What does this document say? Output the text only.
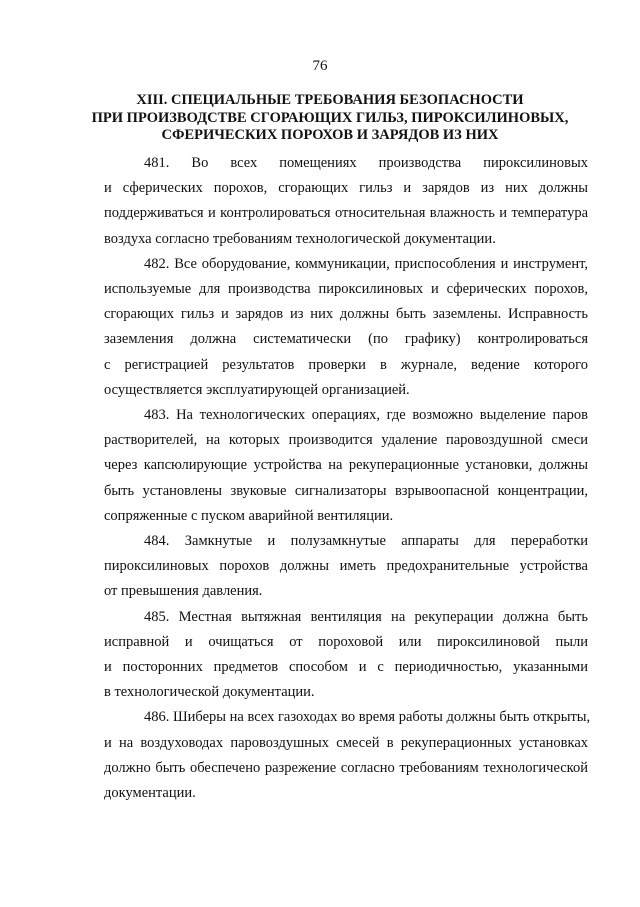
76
XIII. СПЕЦИАЛЬНЫЕ ТРЕБОВАНИЯ БЕЗОПАСНОСТИ
ПРИ ПРОИЗВОДСТВЕ СГОРАЮЩИХ ГИЛЬЗ, ПИРОКСИЛИНОВЫХ,
СФЕРИЧЕСКИХ ПОРОХОВ И ЗАРЯДОВ ИЗ НИХ
481. Во всех помещениях производства пироксилиновых
и сферических порохов, сгорающих гильз и зарядов из них должны
поддерживаться и контролироваться относительная влажность и температура
воздуха согласно требованиям технологической документации.
482. Все оборудование, коммуникации, приспособления и инструмент,
используемые для производства пироксилиновых и сферических порохов,
сгорающих гильз и зарядов из них должны быть заземлены. Исправность
заземления должна систематически (по графику) контролироваться
с регистрацией результатов проверки в журнале, ведение которого
осуществляется эксплуатирующей организацией.
483. На технологических операциях, где возможно выделение паров
растворителей, на которых производится удаление паровоздушной смеси
через капсюлирующие устройства на рекуперационные установки, должны
быть установлены звуковые сигнализаторы взрывоопасной концентрации,
сопряженные с пуском аварийной вентиляции.
484. Замкнутые и полузамкнутые аппараты для переработки
пироксилиновых порохов должны иметь предохранительные устройства
от превышения давления.
485. Местная вытяжная вентиляция на рекуперации должна быть
исправной и очищаться от пороховой или пироксилиновой пыли
и посторонних предметов способом и с периодичностью, указанными
в технологической документации.
486. Шиберы на всех газоходах во время работы должны быть открыты,
и на воздуховодах паровоздушных смесей в рекуперационных установках
должно быть обеспечено разрежение согласно требованиям технологической
документации.
